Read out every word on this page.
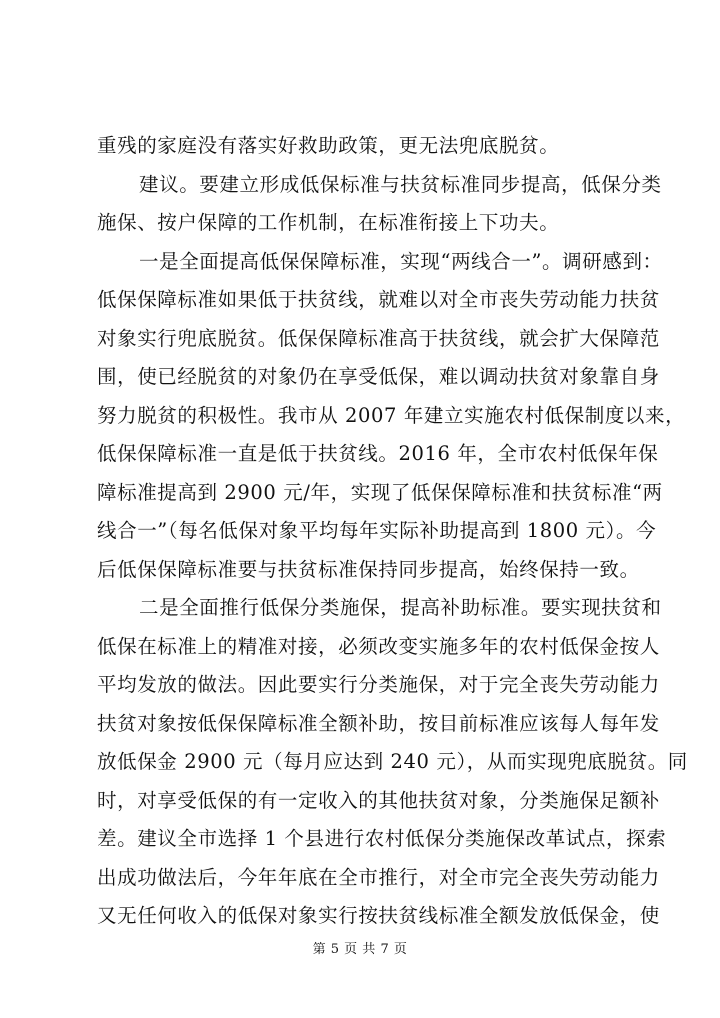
重残的家庭没有落实好救助政策，更无法兜底脱贫。
建议。要建立形成低保标准与扶贫标准同步提高，低保分类
施保、按户保障的工作机制，在标准衔接上下功夫。
一是全面提高低保保障标准，实现“两线合一”。调研感到：
低保保障标准如果低于扶贫线，就难以对全市丧失劳动能力扶贫
对象实行兜底脱贫。低保保障标准高于扶贫线，就会扩大保障范
围，使已经脱贫的对象仍在享受低保，难以调动扶贫对象靠自身
努力脱贫的积极性。我市从 2007 年建立实施农村低保制度以来，
低保保障标准一直是低于扶贫线。2016 年，全市农村低保年保
障标准提高到 2900 元/年，实现了低保保障标准和扶贫标准“两
线合一”（每名低保对象平均每年实际补助提高到 1800 元）。今
后低保保障标准要与扶贫标准保持同步提高，始终保持一致。
二是全面推行低保分类施保，提高补助标准。要实现扶贫和
低保在标准上的精准对接，必须改变实施多年的农村低保金按人
平均发放的做法。因此要实行分类施保，对于完全丧失劳动能力
扶贫对象按低保保障标准全额补助，按目前标准应该每人每年发
放低保金 2900 元（每月应达到 240 元），从而实现兜底脱贫。同
时，对享受低保的有一定收入的其他扶贫对象，分类施保足额补
差。建议全市选择 1 个县进行农村低保分类施保改革试点，探索
出成功做法后，今年年底在全市推行，对全市完全丧失劳动能力
又无任何收入的低保对象实行按扶贫线标准全额发放低保金，使
第 5 页 共 7 页
